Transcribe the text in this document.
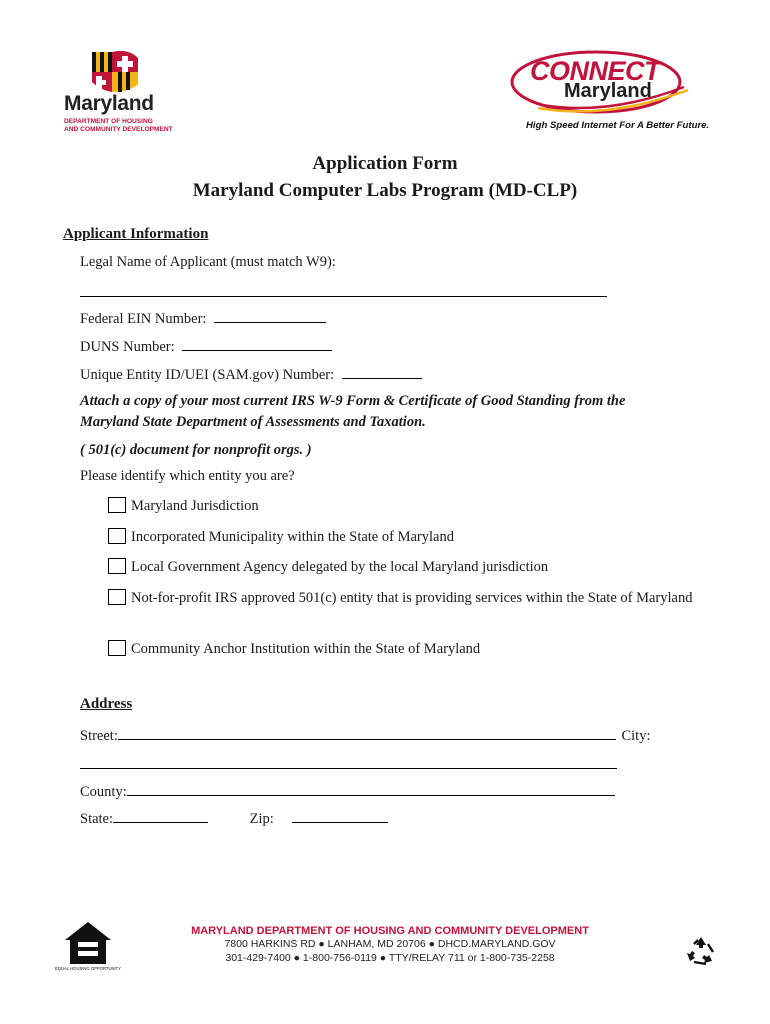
Maryland
DEPARTMENT OF HOUSING
AND COMMUNITY DEVELOPMENT
CONNECT
Maryland
High Speed Internet For A Better Future.
Application Form
Maryland Computer Labs Program (MD-CLP)
Applicant Information
Legal Name of Applicant (must match W9):
Federal EIN Number:
DUNS Number:
Unique Entity ID/UEI (SAM.gov) Number:
Attach a copy of your most current IRS W-9 Form & Certificate of Good Standing from the
Maryland State Department of Assessments and Taxation.
( 501(c) document for nonprofit orgs. )
Please identify which entity you are?
Maryland Jurisdiction
Incorporated Municipality within the State of Maryland
Local Government Agency delegated by the local Maryland jurisdiction
Not-for-profit IRS approved 501(c) entity that is providing services within the State of Maryland
Community Anchor Institution within the State of Maryland
Address
Street:	City:
County:
State:	Zip:
EQUAL HOUSING OPPORTUNITY
MARYLAND DEPARTMENT OF HOUSING AND COMMUNITY DEVELOPMENT
7800 HARKINS RD ● LANHAM, MD 20706 ● DHCD.MARYLAND.GOV
301-429-7400 ● 1-800-756-0119 ● TTY/RELAY 711 or 1-800-735-2258
